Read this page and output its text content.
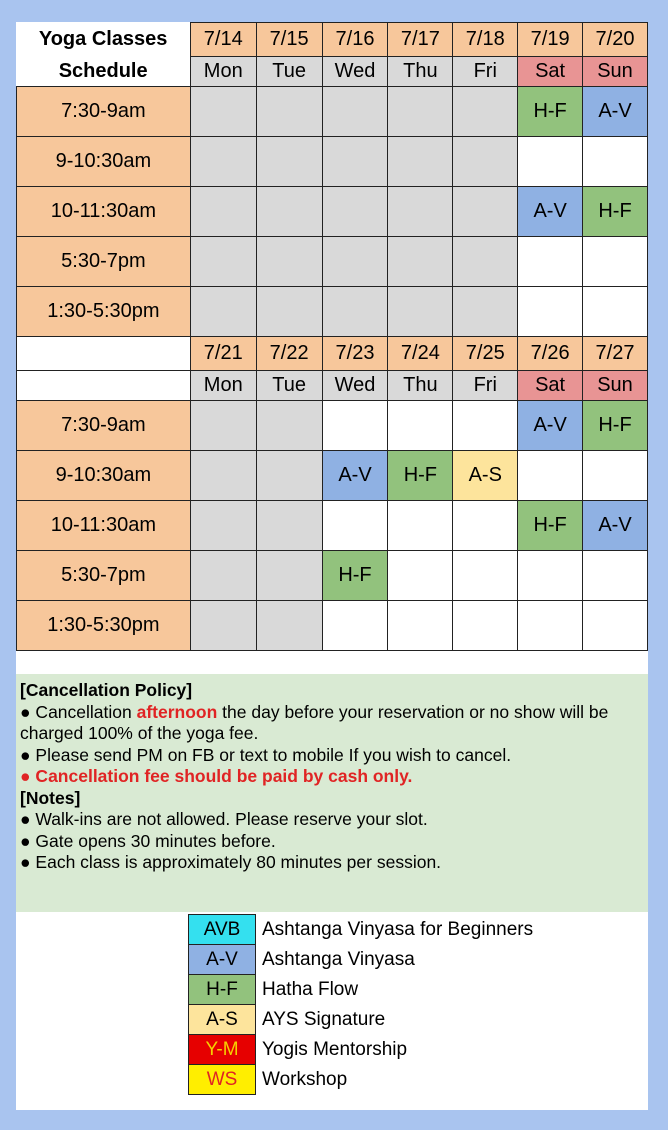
Yoga Classes	7/14	7/15	7/16	7/17	7/18	7/19	7/20
Schedule	Mon	Tue	Wed	Thu	Fri	Sat	Sun
7:30-9am						H-F	A-V
9-10:30am							
10-11:30am						A-V	H-F
5:30-7pm							
1:30-5:30pm							
	7/21	7/22	7/23	7/24	7/25	7/26	7/27
	Mon	Tue	Wed	Thu	Fri	Sat	Sun
7:30-9am						A-V	H-F
9-10:30am			A-V	H-F	A-S		
10-11:30am						H-F	A-V
5:30-7pm			H-F				
1:30-5:30pm							
[Cancellation Policy]
● Cancellation afternoon the day before your reservation or no show will be charged 100% of the yoga fee.
● Please send PM on FB or text to mobile If you wish to cancel.
● Cancellation fee should be paid by cash only.
[Notes]
● Walk-ins are not allowed. Please reserve your slot.
● Gate opens 30 minutes before.
● Each class is approximately 80 minutes per session.
AVB	Ashtanga Vinyasa for Beginners
A-V	Ashtanga Vinyasa
H-F	Hatha Flow
A-S	AYS Signature
Y-M	Yogis Mentorship
WS	Workshop
